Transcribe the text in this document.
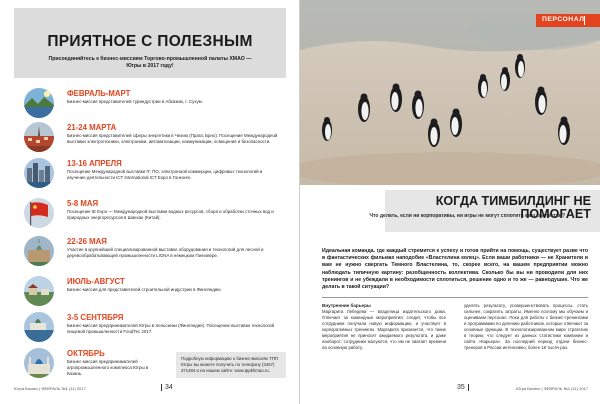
ПРИЯТНОЕ С ПОЛЕЗНЫМ
Присоединяйтесь к бизнес-миссиям Торгово-промышленной палаты ХМАО — Югры в 2017 году!
ФЕВРАЛЬ-МАРТ
Бизнес-миссия представителей туриндустрии в Абхазию, г. Сухум.
21-24 МАРТА
Бизнес-миссия представителей сферы энергетики в Чехию (Прага, Брно). Посещение Международной выставки электротехники, электроники, автоматизации, коммуникации, освещения и безопасности.
13-16 АПРЕЛЯ
Посещение Международной выставки IT, ПО, электронной коммерции, цифровых технологий и изучение деятельности ICT International ICT Expo в Гонконге.
5-8 МАЯ
Посещение IE Expo — Международной выставки водных ресурсов, сбора и обработки сточных вод и природных энергоресурсов в Шанхае (Китай).
22-26 МАЯ
Участие в крупнейшей специализированной выставке оборудования и технологий для лесной и деревообрабатывающей промышленности LIGNA в немецком Ганновере.
ИЮЛЬ-АВГУСТ
Бизнес-миссия для представителей строительной индустрии в Финляндию.
3-5 СЕНТЯБРЯ
Бизнес-миссия предпринимателей Югры в Хельсинки (Финляндия). Посещение выставки технологий пищевой промышленности FoodTec 2017.
ОКТЯБРЬ
Бизнес-миссия предпринимателей агропромышленного комплекса Югры в Казань.
Подробную информацию о бизнес-миссиях ТПП Югры вы можете получить по телефону (3467) 371484 и на нашем сайте: www.tppkhmao.ru.
Югра Бизнес | ФЕВРАЛЬ №1 (11) 2017	34
ПЕРСОНАЛ
КОГДА ТИМБИЛДИНГ НЕ ПОМОГАЕТ
Что делать, если ни корпоративы, ни игры не могут сплотить ваш коллектив?
Идеальная команда, где каждый стремится к успеху и готов прийти на помощь, существует разве что в фантастических фильмах наподобие «Властелина колец». Если ваши работники — не Хранители и вам не нужно свергать Темного Властелина, то, скорее всего, на вашем предприятии можно наблюдать типичную картину: разобщенность коллектива. Сколько бы вы ни проводили для них тренингов и не убеждали в необходимости сплотиться, решение одно и то же — равнодушие. Что же делать в такой ситуации?
Внутренние барьеры
Маргарита Лебедева — владелица издательского дома. Отвечает за командные мероприятия: следит, чтобы все сотрудники получали новую информацию, и участвует в корпоративных тренингах. Маргарита признается, что такие мероприятия не приносят ожидаемого результата, и даже наоборот: сотрудники жалуются, что им не хватает времени на основную работу.
уделять результату, усовершенствовать процессы, стать сильнее, сократить затраты. Именно поэтому мы обучаем и оцениваем персонал. Пока для работы с бизнес-тренингами и программами по делению работников, которые отвечают за основные функции. В технологизированном мире стратегию в теории, что следует из данных статистики компании и сайта «Карьера». За последний период отдачи бизнес-тренеров в России интенсивно, более 18 тысяч раз.
35	Югра Бизнес | ФЕВРАЛЬ №1 (11) 2017
